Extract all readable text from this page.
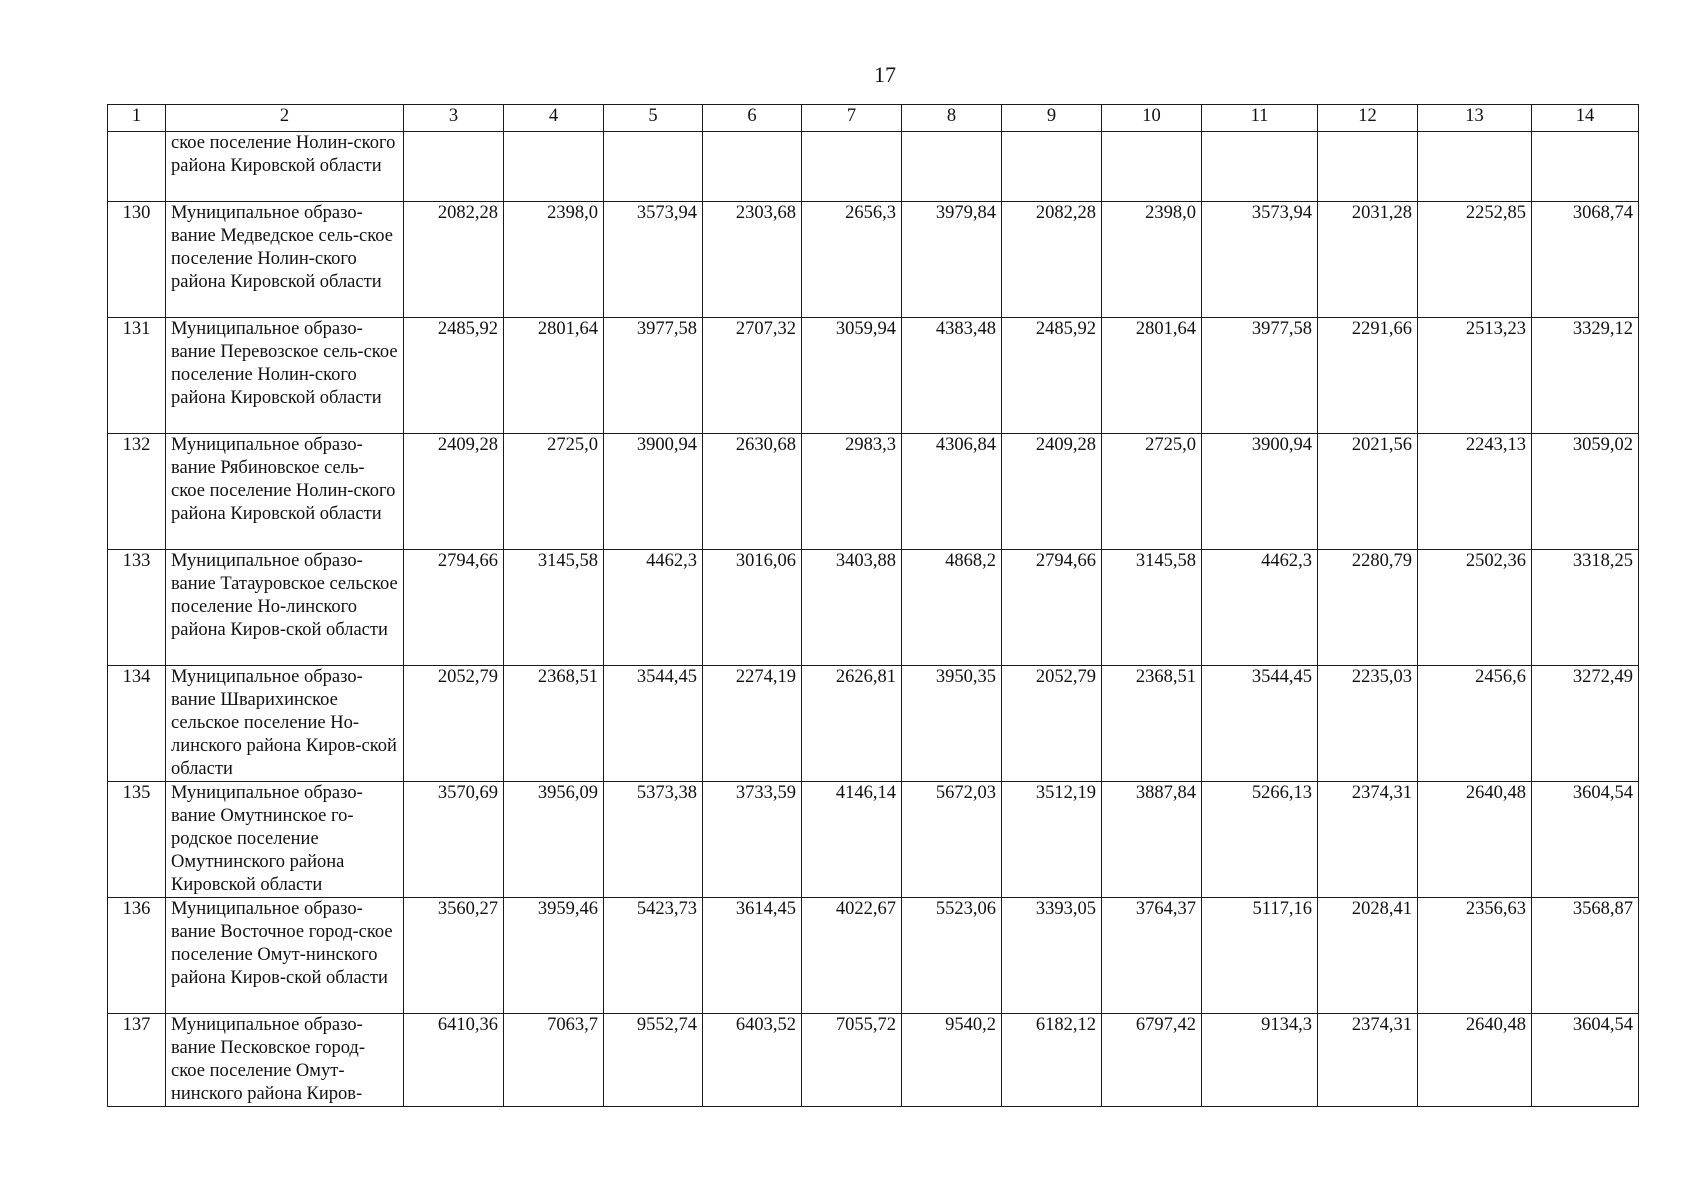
17
1	2	3	4	5	6	7	8	9	10	11	12	13	14
	ское поселение Нолин-ского района Кировской области												
130	Муниципальное образо-вание Медведское сель-ское поселение Нолин-ского района Кировской области	2082,28	2398,0	3573,94	2303,68	2656,3	3979,84	2082,28	2398,0	3573,94	2031,28	2252,85	3068,74
131	Муниципальное образо-вание Перевозское сель-ское поселение Нолин-ского района Кировской области	2485,92	2801,64	3977,58	2707,32	3059,94	4383,48	2485,92	2801,64	3977,58	2291,66	2513,23	3329,12
132	Муниципальное образо-вание Рябиновское сель-ское поселение Нолин-ского района Кировской области	2409,28	2725,0	3900,94	2630,68	2983,3	4306,84	2409,28	2725,0	3900,94	2021,56	2243,13	3059,02
133	Муниципальное образо-вание Татауровское сельское поселение Но-линского района Киров-ской области	2794,66	3145,58	4462,3	3016,06	3403,88	4868,2	2794,66	3145,58	4462,3	2280,79	2502,36	3318,25
134	Муниципальное образо-вание Шварихинское сельское поселение Но-линского района Киров-ской области	2052,79	2368,51	3544,45	2274,19	2626,81	3950,35	2052,79	2368,51	3544,45	2235,03	2456,6	3272,49
135	Муниципальное образо-вание Омутнинское го-родское поселение Омутнинского района Кировской области	3570,69	3956,09	5373,38	3733,59	4146,14	5672,03	3512,19	3887,84	5266,13	2374,31	2640,48	3604,54
136	Муниципальное образо-вание Восточное город-ское поселение Омут-нинского района Киров-ской области	3560,27	3959,46	5423,73	3614,45	4022,67	5523,06	3393,05	3764,37	5117,16	2028,41	2356,63	3568,87
137	Муниципальное образо-вание Песковское город-ское поселение Омут-нинского района Киров-	6410,36	7063,7	9552,74	6403,52	7055,72	9540,2	6182,12	6797,42	9134,3	2374,31	2640,48	3604,54
